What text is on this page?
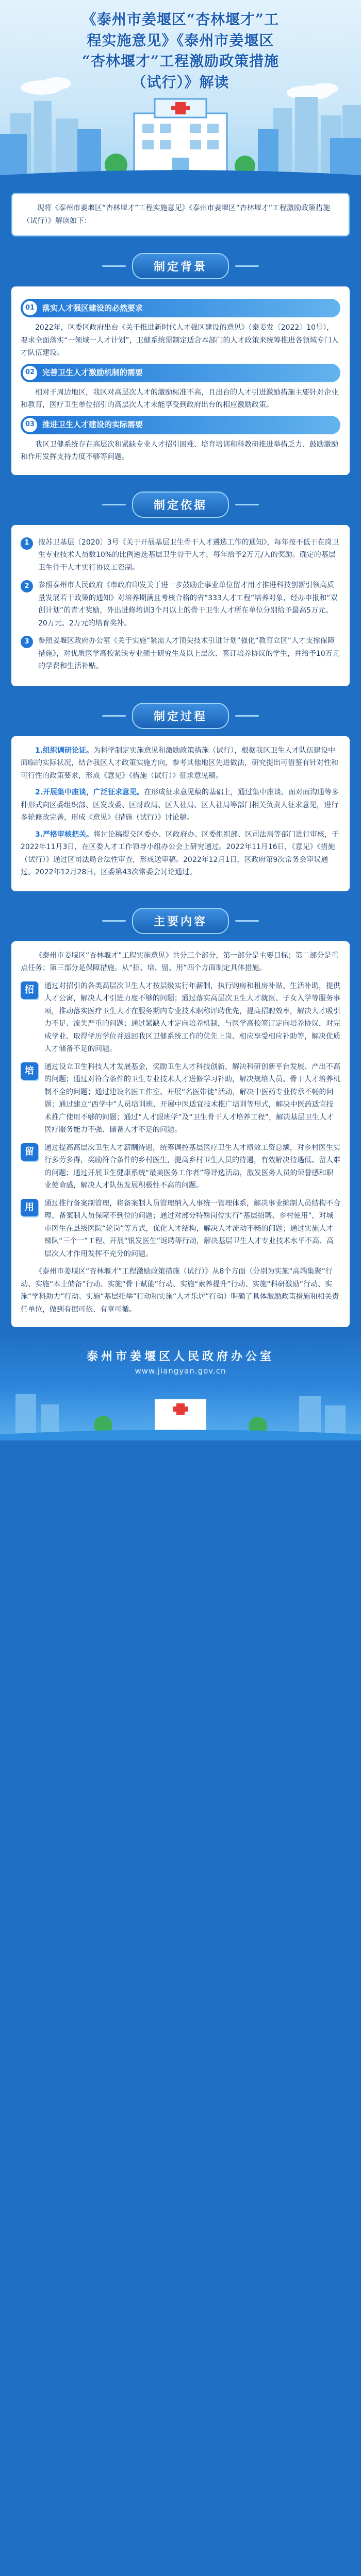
《泰州市姜堰区“杏林堰才”工
程实施意见》《泰州市姜堰区
“杏林堰才”工程激励政策措施
（试行）》解读

现将《泰州市姜堰区“杏林堰才”工程实施意见》《泰州市姜堰区“杏林堰才”工程激励政策措施（试行）》解读如下：

制定背景
01 落实人才强区建设的必然要求

2022年，区委区政府出台《关于推进新时代人才强区建设的意见》（泰姜发〔2022〕10号），要求全面落实“一领域一人才计划”，卫健系统需制定适合本部门的人才政策来统筹推进各领域专门人才队伍建设。

02 完善卫生人才激励机制的需要

相对于周边地区，我区对高层次人才的激励标准不高，且出台的人才引进激励措施主要针对企业和教育，医疗卫生单位招引的高层次人才未能享受到政府出台的相应激励政策。

03 推进卫生人才建设的实际需要

我区卫健系统存在高层次和紧缺专业人才招引困难、培育培训和科教研推进举措乏力、鼓励激励和作用发挥支持力度不够等问题。

制定依据
1	按苏卫基层〔2020〕3号《关于开展基层卫生骨干人才遴选工作的通知》，每年按不低于在岗卫生专业技术人员数10%的比例遴选基层卫生骨干人才，每年给予2万元/人的奖励。确定的基层卫生骨干人才实行协议工资制。

2	参照泰州市人民政府《市政府印发关于进一步鼓励企事业单位留才用才推进科技创新引领高质量发展若干政策的通知》对培养期满且考核合格的省“333人才工程”培养对象，经办申报和“双创计划”的青才奖励，外出进修培训3个月以上的骨干卫生人才所在单位分别给予最高5万元、20万元、2万元的培育奖补。

3	参照姜堰区政府办公室《关于实施“紧需人才顶尖技术引进计划”强化“教育立区”人才支撑保障措施》，对优质医学高校紧缺专业硕士研究生及以上层次、签订培养协议的学生，并给予10万元的学费和生活补贴。

制定过程

1.组织调研论证。为科学制定实施意见和激励政策措施（试行），根据我区卫生人才队伍建设中面临的实际状况，结合我区人才政策实施方向，参考其他地区先进做法，研究提出可借鉴有针对性和可行性的政策要求，形成《意见》《措施（试行）》征求意见稿。

2.开展集中座谈，广泛征求意见。在形成征求意见稿的基础上，通过集中座谈、面对面沟通等多种形式向区委组织部、区发改委、区财政局、区人社局、区人社局等部门相关负责人征求意见，进行多轮修改完善，形成《意见》《措施（试行）》讨论稿。

3.严格审核把关。将讨论稿提交区委办、区政府办、区委组织部、区司法局等部门进行审核，于2022年11月3日，在区委人才工作领导小组办公会上研究通过。2022年11月16日，《意见》《措施（试行）》通过区司法局合法性审查，形成送审稿。2022年12月1日，区政府第9次常务会审议通过。2022年12月28日，区委第43次常委会讨论通过。

主要内容

《泰州市姜堰区“杏林堰才”工程实施意见》共分三个部分，第一部分是主要目标；第二部分是重点任务；第三部分是保障措施。从“招、培、留、用”四个方面制定具体措施。

招	通过对招引的各类高层次卫生人才按层级实行年薪制，执行购房和租房补贴、生活补助，提供人才公寓，解决人才引进力度不够的问题；通过落实高层次卫生人才就医、子女入学等服务事项，推动落实医疗卫生人才在服务期内专业技术职称评聘优先，提高招聘效率，解决人才吸引力不足、流失严重的问题；通过紧缺人才定向培养机制，与医学高校签订定向培养协议，对完成学业、取得学历学位并返回我区卫健系统工作的优先上岗、相应享受相应补助等，解决优质人才储备不足的问题。

培	通过设立卫生科技人才发展基金，奖励卫生人才科技创新，解决科研创新平台发展、产出不高的问题；通过对符合条件的卫生专业技术人才进修学习补助，解决规培人员、骨干人才培养机制不全的问题；通过建设名医工作室、开展“名医带徒”活动，解决中医药专业传承不畅的问题；通过建立“西学中”人员培训班、开展中医适宜技术推广培训等形式，解决中医药适宜技术推广使用不够的问题；通过“人才跟班学”及“卫生骨干人才培养工程”，解决基层卫生人才医疗服务能力不强、储备人才不足的问题。

留	通过提高高层次卫生人才薪酬待遇，统筹调控基层医疗卫生人才绩效工资总额，对乡村医生实行多劳多得，奖励符合条件的乡村医生，提高乡村卫生人员的待遇，有效解决待遇低、留人难的问题；通过开展卫生健康系统“最美医务工作者”等评选活动，激发医务人员的荣誉感和职业使命感，解决人才队伍发展积极性不高的问题。

用	通过推行备案制管理，将备案制人员管理纳入人事统一管理体系，解决事业编制人员结构不合理、备案制人员保障不到位的问题；通过对部分特殊岗位实行“基层招聘、乡村使用”，对城市医生在县级医院“轮岗”等方式，优化人才结构，解决人才流动不畅的问题；通过实施人才梯队“三个一”工程、开展“银发医生”返聘等行动，解决基层卫生人才专业技术水平不高、高层次人才作用发挥不充分的问题。

《泰州市姜堰区“杏林堰才”工程激励政策措施（试行）》从8个方面（分别为实施“高端集聚”行动、实施“本土储备”行动、实施“骨干赋能”行动、实施“素养提升”行动、实施“科研激励”行动、实施“学科助力”行动、实施“基层托举”行动和实施“人才乐居”行动）明确了具体激励政策措施和相关责任单位，做到有据可依、有章可循。

泰州市姜堰区人民政府办公室
www.jiangyan.gov.cn
